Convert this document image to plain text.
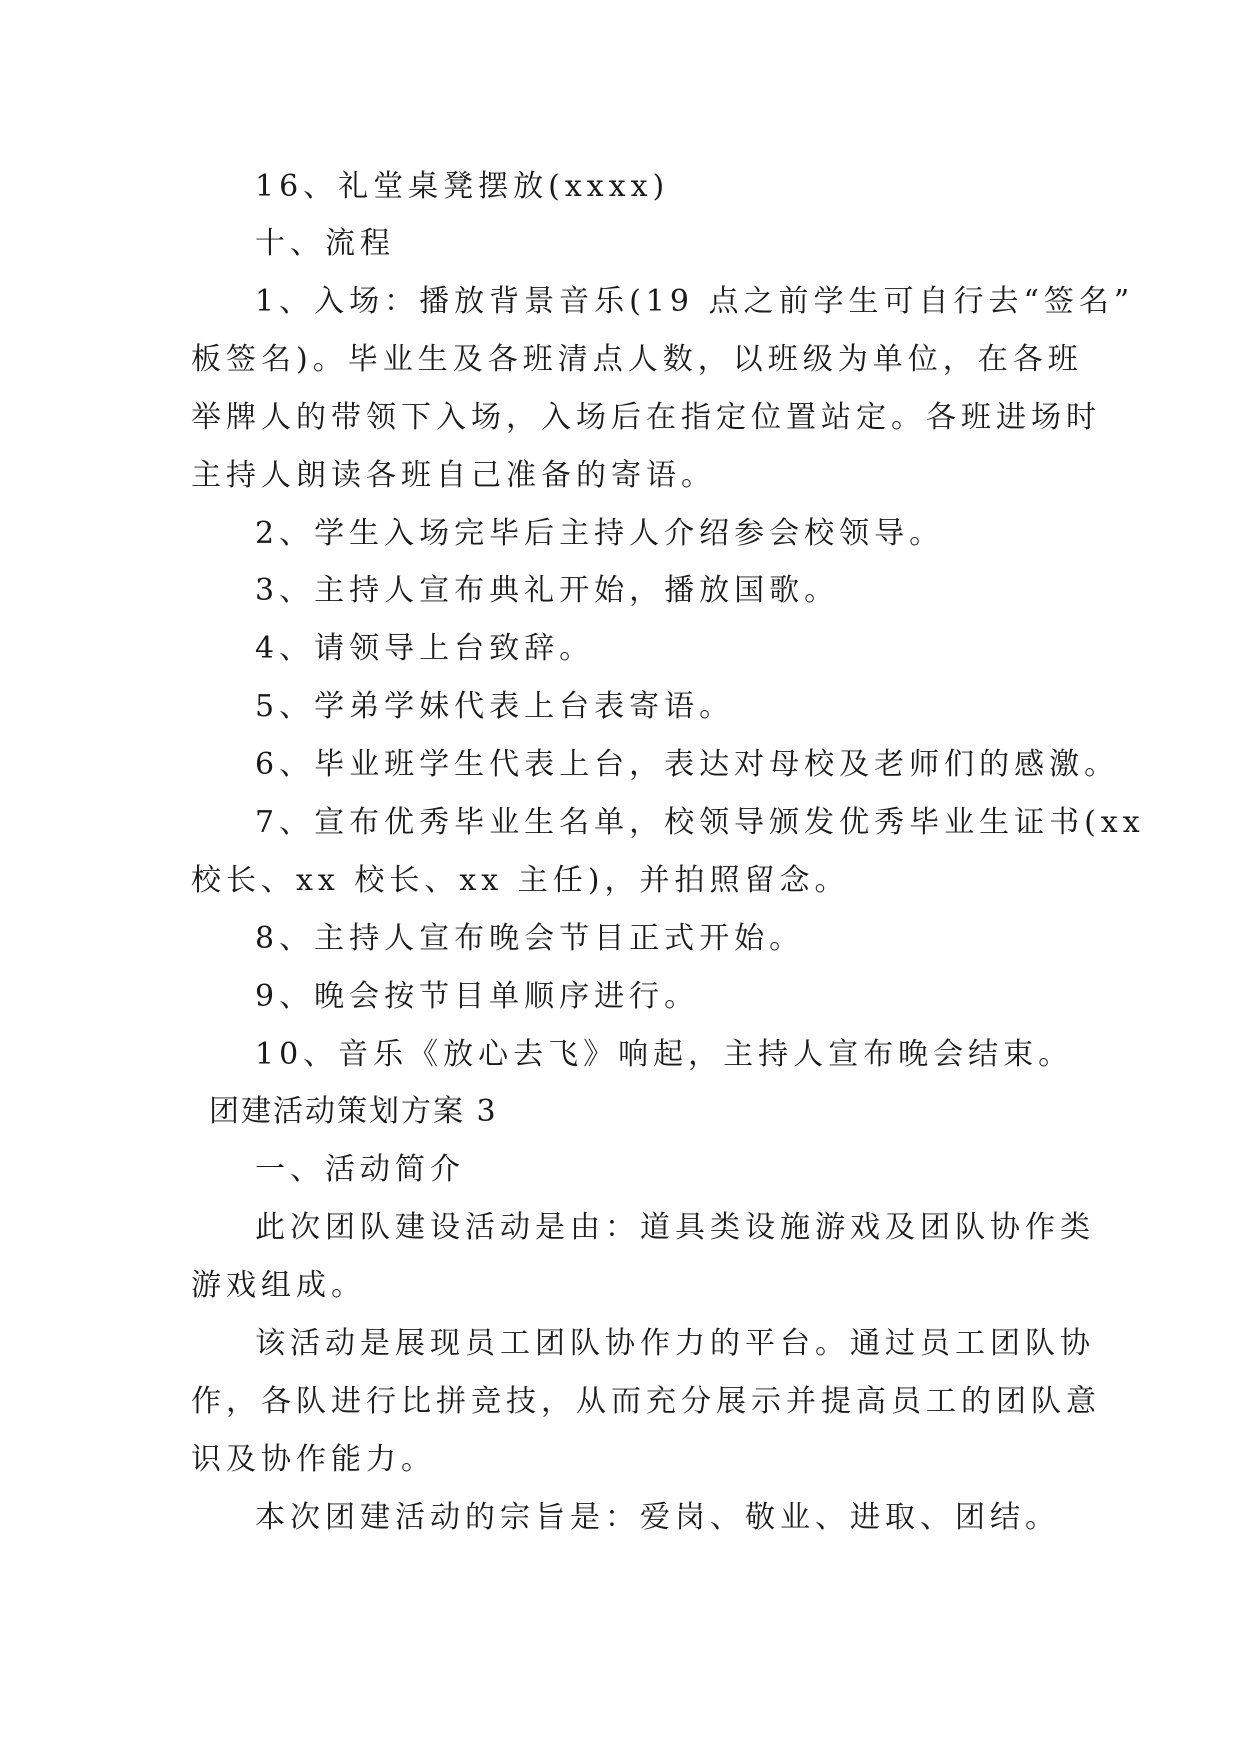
16、礼堂桌凳摆放(xxxx)
十、流程
1、入场：播放背景音乐(19 点之前学生可自行去“签名”
板签名)。毕业生及各班清点人数，以班级为单位，在各班
举牌人的带领下入场，入场后在指定位置站定。各班进场时
主持人朗读各班自己准备的寄语。
2、学生入场完毕后主持人介绍参会校领导。
3、主持人宣布典礼开始，播放国歌。
4、请领导上台致辞。
5、学弟学妹代表上台表寄语。
6、毕业班学生代表上台，表达对母校及老师们的感激。
7、宣布优秀毕业生名单，校领导颁发优秀毕业生证书(xx
校长、xx 校长、xx 主任)，并拍照留念。
8、主持人宣布晚会节目正式开始。
9、晚会按节目单顺序进行。
10、音乐《放心去飞》响起，主持人宣布晚会结束。
团建活动策划方案 3
一、活动简介
此次团队建设活动是由：道具类设施游戏及团队协作类
游戏组成。
该活动是展现员工团队协作力的平台。通过员工团队协
作，各队进行比拼竞技，从而充分展示并提高员工的团队意
识及协作能力。
本次团建活动的宗旨是：爱岗、敬业、进取、团结。
